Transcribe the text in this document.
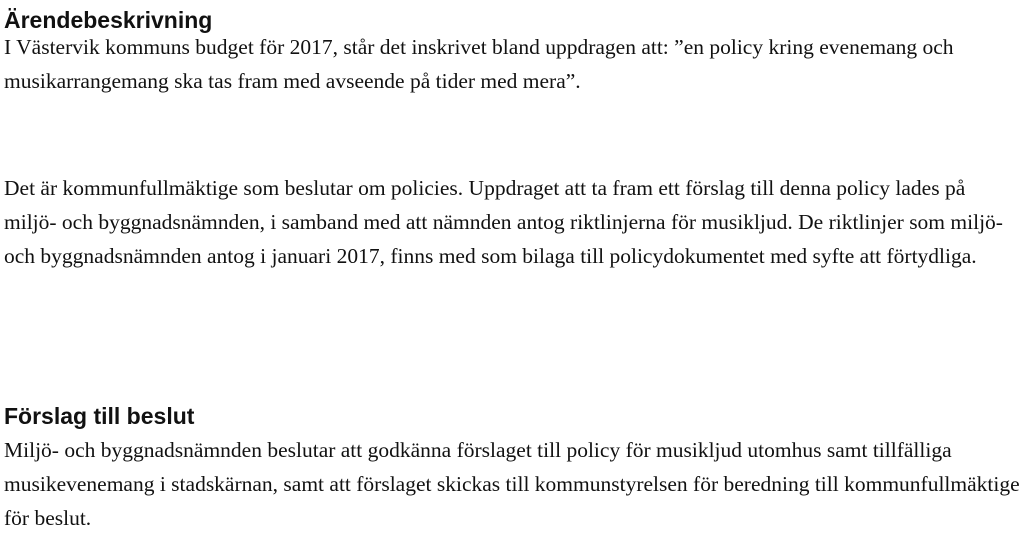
Ärendebeskrivning

I Västervik kommuns budget för 2017, står det inskrivet bland uppdragen att: ”en policy kring evenemang och musikarrangemang ska tas fram med avseende på tider med mera”.

Det är kommunfullmäktige som beslutar om policies. Uppdraget att ta fram ett förslag till denna policy lades på miljö- och byggnadsnämnden, i samband med att nämnden antog riktlinjerna för musikljud. De riktlinjer som miljö- och byggnadsnämnden antog i januari 2017, finns med som bilaga till policydokumentet med syfte att förtydliga.

Förslag till beslut

Miljö- och byggnadsnämnden beslutar att godkänna förslaget till policy för musikljud utomhus samt tillfälliga musikevenemang i stadskärnan, samt att förslaget skickas till kommunstyrelsen för beredning till kommunfullmäktige för beslut.
